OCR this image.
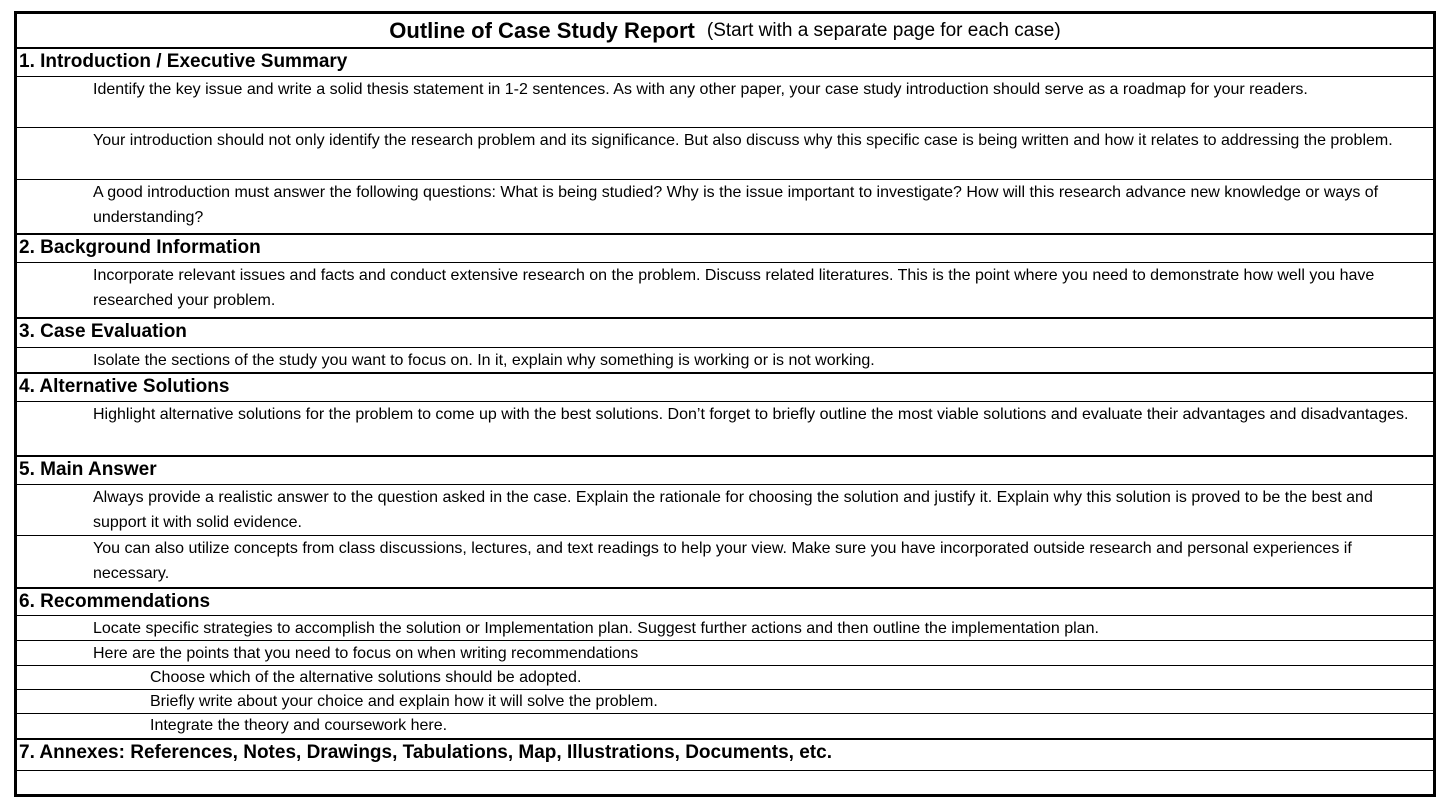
Outline of Case Study Report (Start with a separate page for each case)
1. Introduction / Executive Summary
Identify the key issue and write a solid thesis statement in 1-2 sentences. As with any other paper, your case study introduction should serve as a roadmap for your readers.
Your introduction should not only identify the research problem and its significance. But also discuss why this specific case is being written and how it relates to addressing the problem.
A good introduction must answer the following questions: What is being studied? Why is the issue important to investigate? How will this research advance new knowledge or ways of understanding?
2. Background Information
Incorporate relevant issues and facts and conduct extensive research on the problem. Discuss related literatures. This is the point where you need to demonstrate how well you have researched your problem.
3. Case Evaluation
Isolate the sections of the study you want to focus on. In it, explain why something is working or is not working.
4. Alternative Solutions
Highlight alternative solutions for the problem to come up with the best solutions. Don’t forget to briefly outline the most viable solutions and evaluate their advantages and disadvantages.
5. Main Answer
Always provide a realistic answer to the question asked in the case. Explain the rationale for choosing the solution and justify it. Explain why this solution is proved to be the best and support it with solid evidence.
You can also utilize concepts from class discussions, lectures, and text readings to help your view. Make sure you have incorporated outside research and personal experiences if necessary.
6. Recommendations
Locate specific strategies to accomplish the solution or Implementation plan. Suggest further actions and then outline the implementation plan.
Here are the points that you need to focus on when writing recommendations
Choose which of the alternative solutions should be adopted.
Briefly write about your choice and explain how it will solve the problem.
Integrate the theory and coursework here.
7. Annexes: References, Notes, Drawings, Tabulations, Map, Illustrations, Documents, etc.
